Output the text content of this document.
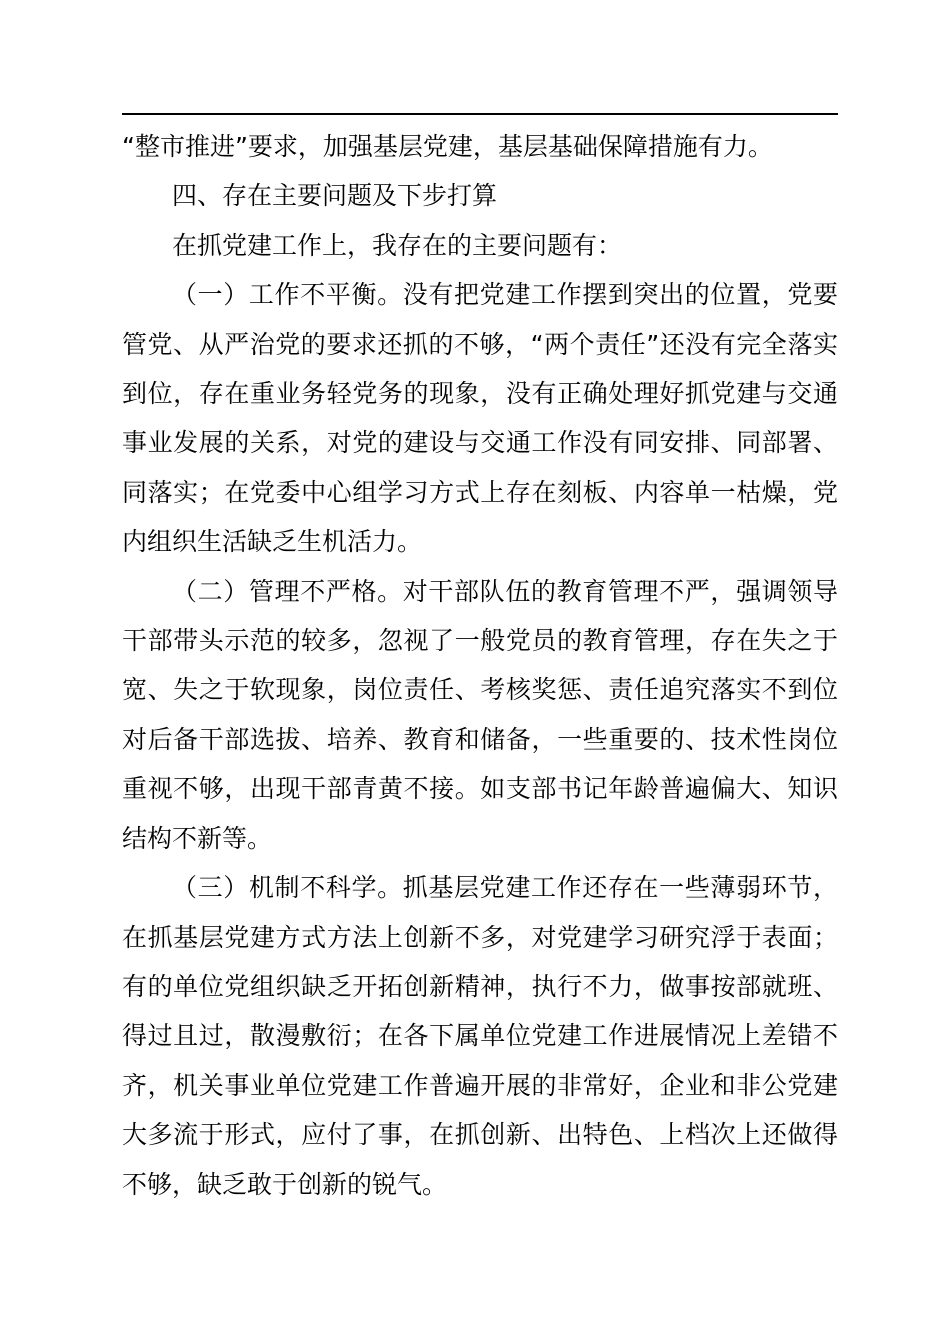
“整市推进”要求，加强基层党建，基层基础保障措施有力。

四、存在主要问题及下步打算

在抓党建工作上，我存在的主要问题有：

（一）工作不平衡。没有把党建工作摆到突出的位置，党要
管党、从严治党的要求还抓的不够，“两个责任”还没有完全落实
到位，存在重业务轻党务的现象，没有正确处理好抓党建与交通
事业发展的关系，对党的建设与交通工作没有同安排、同部署、
同落实；在党委中心组学习方式上存在刻板、内容单一枯燥，党
内组织生活缺乏生机活力。

（二）管理不严格。对干部队伍的教育管理不严，强调领导
干部带头示范的较多，忽视了一般党员的教育管理，存在失之于
宽、失之于软现象，岗位责任、考核奖惩、责任追究落实不到位
对后备干部选拔、培养、教育和储备，一些重要的、技术性岗位
重视不够，出现干部青黄不接。如支部书记年龄普遍偏大、知识
结构不新等。

（三）机制不科学。抓基层党建工作还存在一些薄弱环节，
在抓基层党建方式方法上创新不多，对党建学习研究浮于表面；
有的单位党组织缺乏开拓创新精神，执行不力，做事按部就班、
得过且过，散漫敷衍；在各下属单位党建工作进展情况上差错不
齐，机关事业单位党建工作普遍开展的非常好，企业和非公党建
大多流于形式，应付了事，在抓创新、出特色、上档次上还做得
不够，缺乏敢于创新的锐气。
